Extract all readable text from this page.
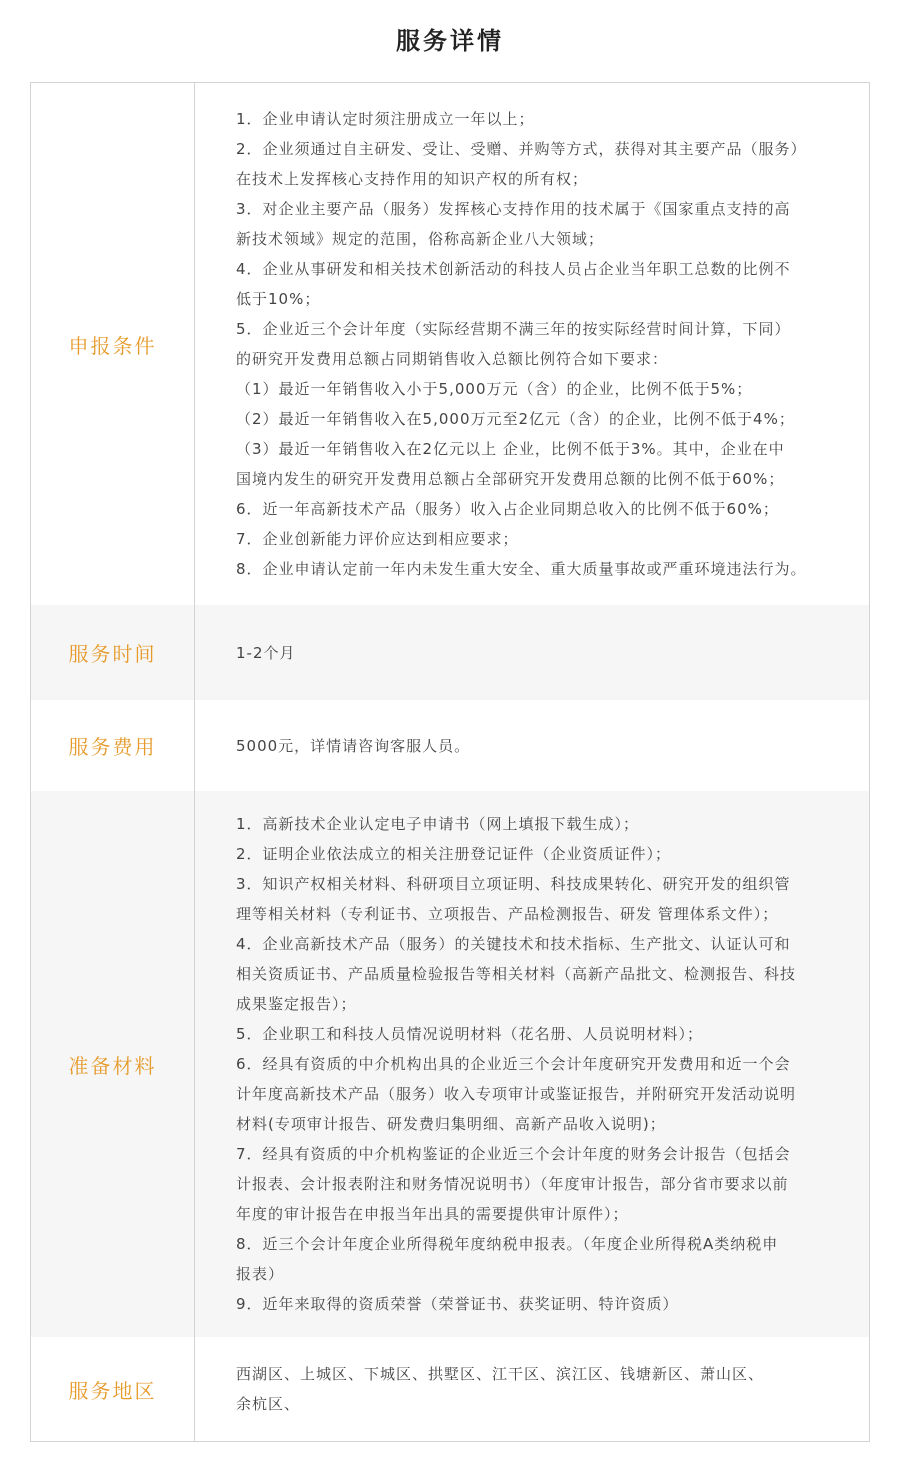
服务详情
申报条件
1．企业申请认定时须注册成立一年以上；
2．企业须通过自主研发、受让、受赠、并购等方式，获得对其主要产品（服务）
在技术上发挥核心支持作用的知识产权的所有权；
3．对企业主要产品（服务）发挥核心支持作用的技术属于《国家重点支持的高
新技术领域》规定的范围，俗称高新企业八大领域；
4．企业从事研发和相关技术创新活动的科技人员占企业当年职工总数的比例不
低于10%；
5．企业近三个会计年度（实际经营期不满三年的按实际经营时间计算，下同）
的研究开发费用总额占同期销售收入总额比例符合如下要求：
（1）最近一年销售收入小于5,000万元（含）的企业，比例不低于5%；
（2）最近一年销售收入在5,000万元至2亿元（含）的企业，比例不低于4%；
（3）最近一年销售收入在2亿元以上 企业，比例不低于3%。其中，企业在中
国境内发生的研究开发费用总额占全部研究开发费用总额的比例不低于60%；
6．近一年高新技术产品（服务）收入占企业同期总收入的比例不低于60%；
7．企业创新能力评价应达到相应要求；
8．企业申请认定前一年内未发生重大安全、重大质量事故或严重环境违法行为。
服务时间	1-2个月
服务费用	5000元，详情请咨询客服人员。
准备材料
1．高新技术企业认定电子申请书（网上填报下载生成）；
2．证明企业依法成立的相关注册登记证件（企业资质证件）；
3．知识产权相关材料、科研项目立项证明、科技成果转化、研究开发的组织管
理等相关材料（专利证书、立项报告、产品检测报告、研发 管理体系文件）；
4．企业高新技术产品（服务）的关键技术和技术指标、生产批文、认证认可和
相关资质证书、产品质量检验报告等相关材料（高新产品批文、检测报告、科技
成果鉴定报告）；
5．企业职工和科技人员情况说明材料（花名册、人员说明材料）；
6．经具有资质的中介机构出具的企业近三个会计年度研究开发费用和近一个会
计年度高新技术产品（服务）收入专项审计或鉴证报告，并附研究开发活动说明
材料(专项审计报告、研发费归集明细、高新产品收入说明)；
7．经具有资质的中介机构鉴证的企业近三个会计年度的财务会计报告（包括会
计报表、会计报表附注和财务情况说明书）（年度审计报告，部分省市要求以前
年度的审计报告在申报当年出具的需要提供审计原件）；
8．近三个会计年度企业所得税年度纳税申报表。（年度企业所得税A类纳税申
报表）
9．近年来取得的资质荣誉（荣誉证书、获奖证明、特许资质）
服务地区
西湖区、上城区、下城区、拱墅区、江干区、滨江区、钱塘新区、萧山区、
余杭区、
